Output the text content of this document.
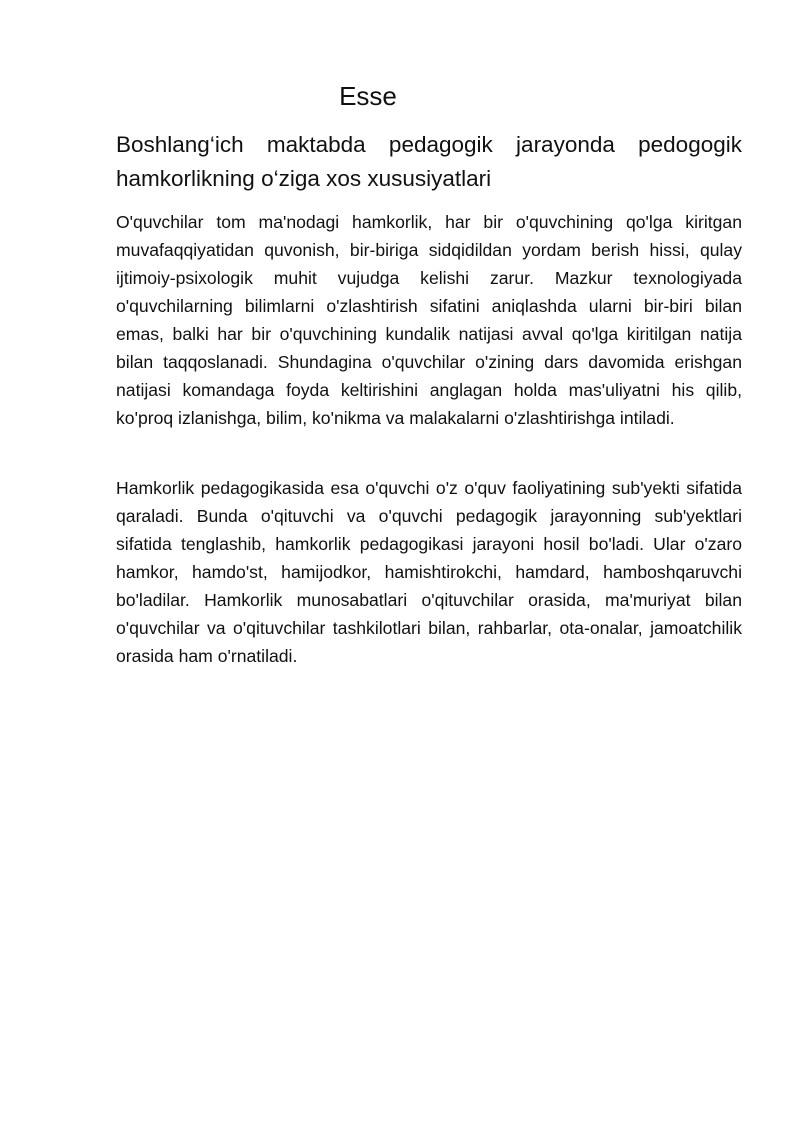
Esse
Boshlang‘ich maktabda pedagogik jarayonda pedogogik hamkorlikning o‘ziga xos xususiyatlari

O'quvchilar tom ma'nodagi hamkorlik, har bir o'quvchining qo'lga kiritgan muvafaqqiyatidan quvonish, bir-biriga sidqidildan yordam berish hissi, qulay ijtimoiy-psixologik muhit vujudga kelishi zarur. Mazkur texnologiyada o'quvchilarning bilimlarni o'zlashtirish sifatini aniqlashda ularni bir-biri bilan emas, balki har bir o'quvchining kundalik natijasi avval qo'lga kiritilgan natija bilan taqqoslanadi. Shundagina o'quvchilar o'zining dars davomida erishgan natijasi komandaga foyda keltirishini anglagan holda mas'uliyatni his qilib, ko'proq izlanishga, bilim, ko'nikma va malakalarni o'zlashtirishga intiladi.

Hamkorlik pedagogikasida esa o'quvchi o'z o'quv faoliyatining sub'yekti sifatida qaraladi. Bunda o'qituvchi va o'quvchi pedagogik jarayonning sub'yektlari sifatida tenglashib, hamkorlik pedagogikasi jarayoni hosil bo'ladi. Ular o'zaro hamkor, hamdo'st, hamijodkor, hamishtirokchi, hamdard, hamboshqaruvchi bo'ladilar. Hamkorlik munosabatlari o'qituvchilar orasida, ma'muriyat bilan o'quvchilar va o'qituvchilar tashkilotlari bilan, rahbarlar, ota-onalar, jamoatchilik orasida ham o'rnatiladi.
